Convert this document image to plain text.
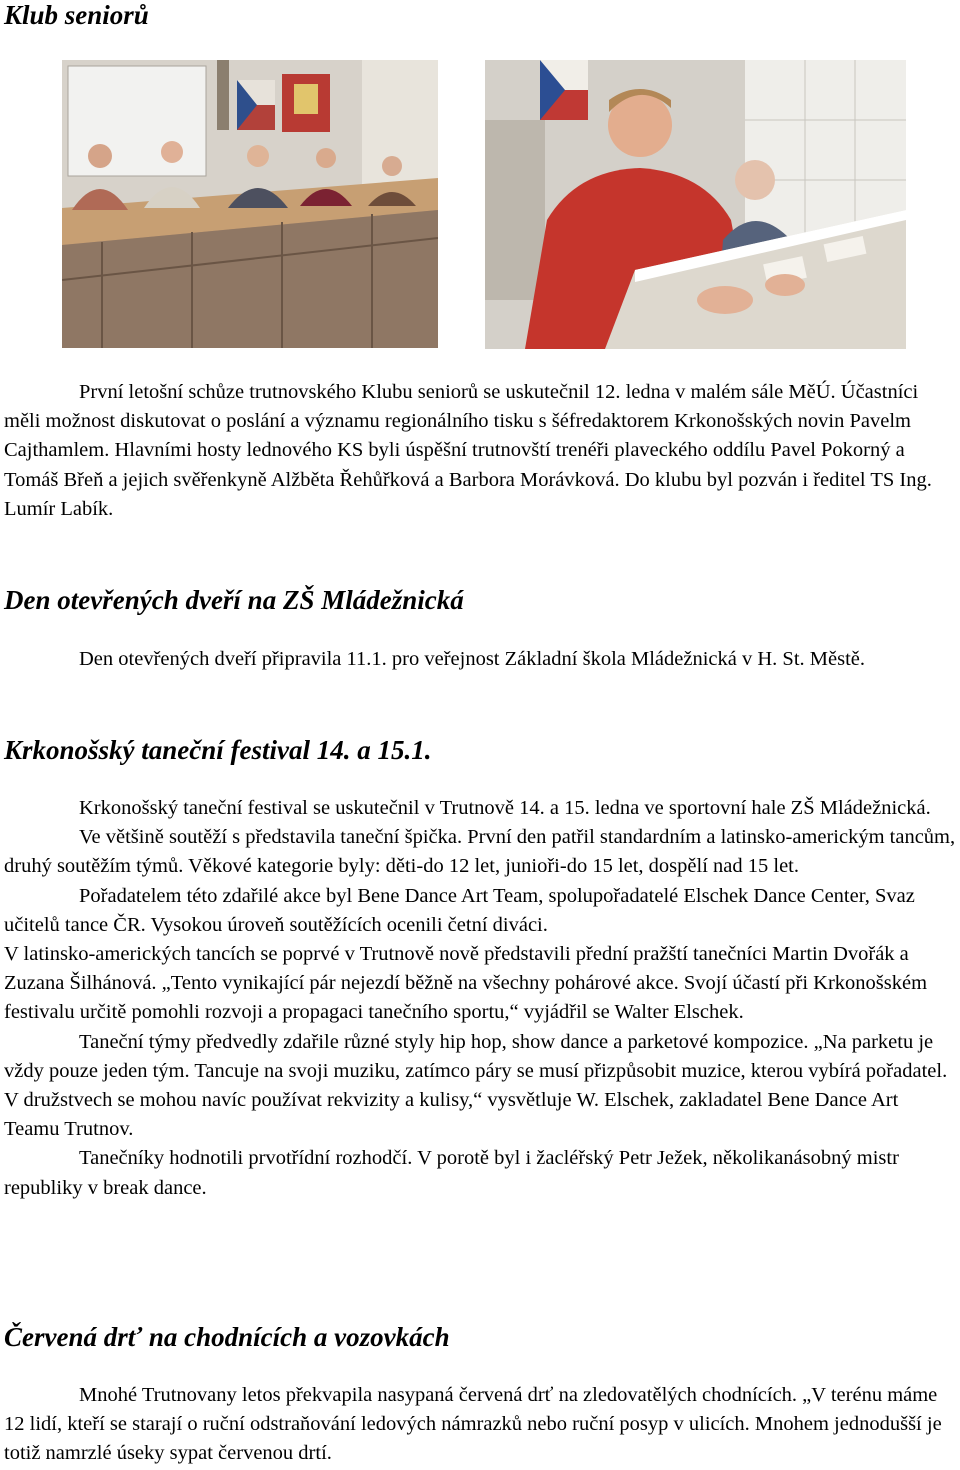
Klub seniorů

První letošní schůze trutnovského Klubu seniorů se uskutečnil 12. ledna v malém sále MěÚ. Účastníci měli možnost diskutovat o poslání a významu regionálního tisku s šéfredaktorem Krkonošských novin Pavelm Cajthamlem. Hlavními hosty lednového KS byli úspěšní trutnovští trenéři plaveckého oddílu Pavel Pokorný a Tomáš Břeň a jejich svěřenkyně Alžběta Řehůřková a Barbora Morávková. Do klubu byl pozván i ředitel TS Ing. Lumír Labík.

Den otevřených dveří na ZŠ Mládežnická

Den otevřených dveří připravila 11.1. pro veřejnost Základní škola Mládežnická v H. St. Městě.

Krkonošský taneční festival 14. a 15.1.

Krkonošský taneční festival se uskutečnil v Trutnově 14. a 15. ledna ve sportovní hale ZŠ Mládežnická.

Ve většině soutěží s představila taneční špička. První den patřil standardním a latinsko-americkým tancům, druhý soutěžím týmů. Věkové kategorie byly: děti-do 12 let, junioři-do 15 let, dospělí nad 15 let.

Pořadatelem této zdařilé akce byl Bene Dance Art Team, spolupořadatelé Elschek Dance Center, Svaz učitelů tance ČR. Vysokou úroveň soutěžících ocenili četní diváci.

V latinsko-amerických tancích se poprvé v Trutnově nově představili přední pražští tanečníci Martin Dvořák a Zuzana Šilhánová. „Tento vynikající pár nejezdí běžně na všechny pohárové akce. Svojí účastí při Krkonošském festivalu určitě pomohli rozvoji a propagaci tanečního sportu,“ vyjádřil se Walter Elschek.

Taneční týmy předvedly zdařile různé styly hip hop, show dance a parketové kompozice. „Na parketu je vždy pouze jeden tým. Tancuje na svoji muziku, zatímco páry se musí přizpůsobit muzice, kterou vybírá pořadatel. V družstvech se mohou navíc používat rekvizity a kulisy,“ vysvětluje W. Elschek, zakladatel Bene Dance Art Teamu Trutnov.

Tanečníky hodnotili prvotřídní rozhodčí. V porotě byl i žacléřský Petr Ježek, několikanásobný mistr republiky v break dance.

Červená drť na chodnících a vozovkách

Mnohé Trutnovany letos překvapila nasypaná červená drť na zledovatělých chodnících. „V terénu máme 12 lidí, kteří se starají o ruční odstraňování ledových námrazků nebo ruční posyp v ulicích. Mnohem jednodušší je totiž namrzlé úseky sypat červenou drtí.
